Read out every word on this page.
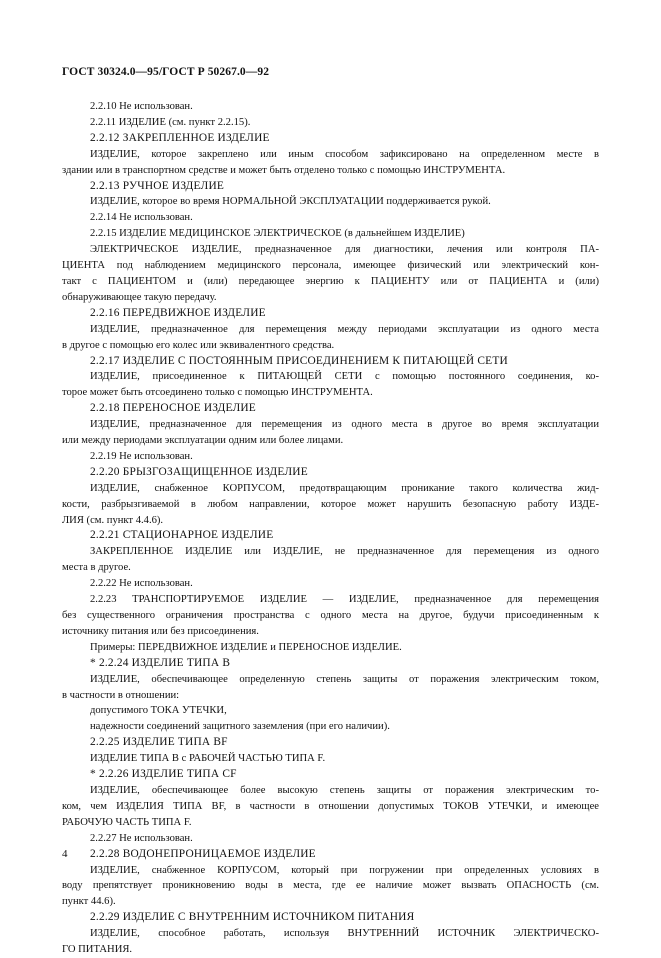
ГОСТ 30324.0—95/ГОСТ Р 50267.0—92

2.2.10 Не использован.

2.2.11 ИЗДЕЛИЕ (см. пункт 2.2.15).

2.2.12 ЗАКРЕПЛЕННОЕ ИЗДЕЛИЕ

ИЗДЕЛИЕ, которое закреплено или иным способом зафиксировано на определенном месте в

здании или в транспортном средстве и может быть отделено только с помощью ИНСТРУМЕНТА.

2.2.13 РУЧНОЕ ИЗДЕЛИЕ

ИЗДЕЛИЕ, которое во время НОРМАЛЬНОЙ ЭКСПЛУАТАЦИИ поддерживается рукой.

2.2.14 Не использован.

2.2.15 ИЗДЕЛИЕ МЕДИЦИНСКОЕ ЭЛЕКТРИЧЕСКОЕ (в дальнейшем ИЗДЕЛИЕ)

ЭЛЕКТРИЧЕСКОЕ ИЗДЕЛИЕ, предназначенное для диагностики, лечения или контроля ПА-

ЦИЕНТА под наблюдением медицинского персонала, имеющее физический или электрический кон-

такт с ПАЦИЕНТОМ и (или) передающее энергию к ПАЦИЕНТУ или от ПАЦИЕНТА и (или)

обнаруживающее такую передачу.

2.2.16 ПЕРЕДВИЖНОЕ ИЗДЕЛИЕ

ИЗДЕЛИЕ, предназначенное для перемещения между периодами эксплуатации из одного места

в другое с помощью его колес или эквивалентного средства.

2.2.17 ИЗДЕЛИЕ С ПОСТОЯННЫМ ПРИСОЕДИНЕНИЕМ К ПИТАЮЩЕЙ СЕТИ

ИЗДЕЛИЕ, присоединенное к ПИТАЮЩЕЙ СЕТИ с помощью постоянного соединения, ко-

торое может быть отсоединено только с помощью ИНСТРУМЕНТА.

2.2.18 ПЕРЕНОСНОЕ ИЗДЕЛИЕ

ИЗДЕЛИЕ, предназначенное для перемещения из одного места в другое во время эксплуатации

или между периодами эксплуатации одним или более лицами.

2.2.19 Не использован.

2.2.20 БРЫЗГОЗАЩИЩЕННОЕ ИЗДЕЛИЕ

ИЗДЕЛИЕ, снабженное КОРПУСОМ, предотвращающим проникание такого количества жид-

кости, разбрызгиваемой в любом направлении, которое может нарушить безопасную работу ИЗДЕ-

ЛИЯ (см. пункт 4.4.6).

2.2.21 СТАЦИОНАРНОЕ ИЗДЕЛИЕ

ЗАКРЕПЛЕННОЕ ИЗДЕЛИЕ или ИЗДЕЛИЕ, не предназначенное для перемещения из одного

места в другое.

2.2.22 Не использован.

2.2.23 ТРАНСПОРТИРУЕМОЕ ИЗДЕЛИЕ — ИЗДЕЛИЕ, предназначенное для перемещения

без существенного ограничения пространства с одного места на другое, будучи присоединенным к

источнику питания или без присоединения.

Примеры: ПЕРЕДВИЖНОЕ ИЗДЕЛИЕ и ПЕРЕНОСНОЕ ИЗДЕЛИЕ.

* 2.2.24 ИЗДЕЛИЕ ТИПА В

ИЗДЕЛИЕ, обеспечивающее определенную степень защиты от поражения электрическим током,

в частности в отношении:

допустимого ТОКА УТЕЧКИ,

надежности соединений защитного заземления (при его наличии).

2.2.25 ИЗДЕЛИЕ ТИПА BF

ИЗДЕЛИЕ ТИПА В с РАБОЧЕЙ ЧАСТЬЮ ТИПА F.

* 2.2.26 ИЗДЕЛИЕ ТИПА CF

ИЗДЕЛИЕ, обеспечивающее более высокую степень защиты от поражения электрическим то-

ком, чем ИЗДЕЛИЯ ТИПА BF, в частности в отношении допустимых ТОКОВ УТЕЧКИ, и имеющее

РАБОЧУЮ ЧАСТЬ ТИПА F.

2.2.27 Не использован.

2.2.28 ВОДОНЕПРОНИЦАЕМОЕ ИЗДЕЛИЕ

ИЗДЕЛИЕ, снабженное КОРПУСОМ, который при погружении при определенных условиях в

воду препятствует проникновению воды в места, где ее наличие может вызвать ОПАСНОСТЬ (см.

пункт 44.6).

2.2.29 ИЗДЕЛИЕ С ВНУТРЕННИМ ИСТОЧНИКОМ ПИТАНИЯ

ИЗДЕЛИЕ, способное работать, используя ВНУТРЕННИЙ ИСТОЧНИК ЭЛЕКТРИЧЕСКО-

ГО ПИТАНИЯ.

4
